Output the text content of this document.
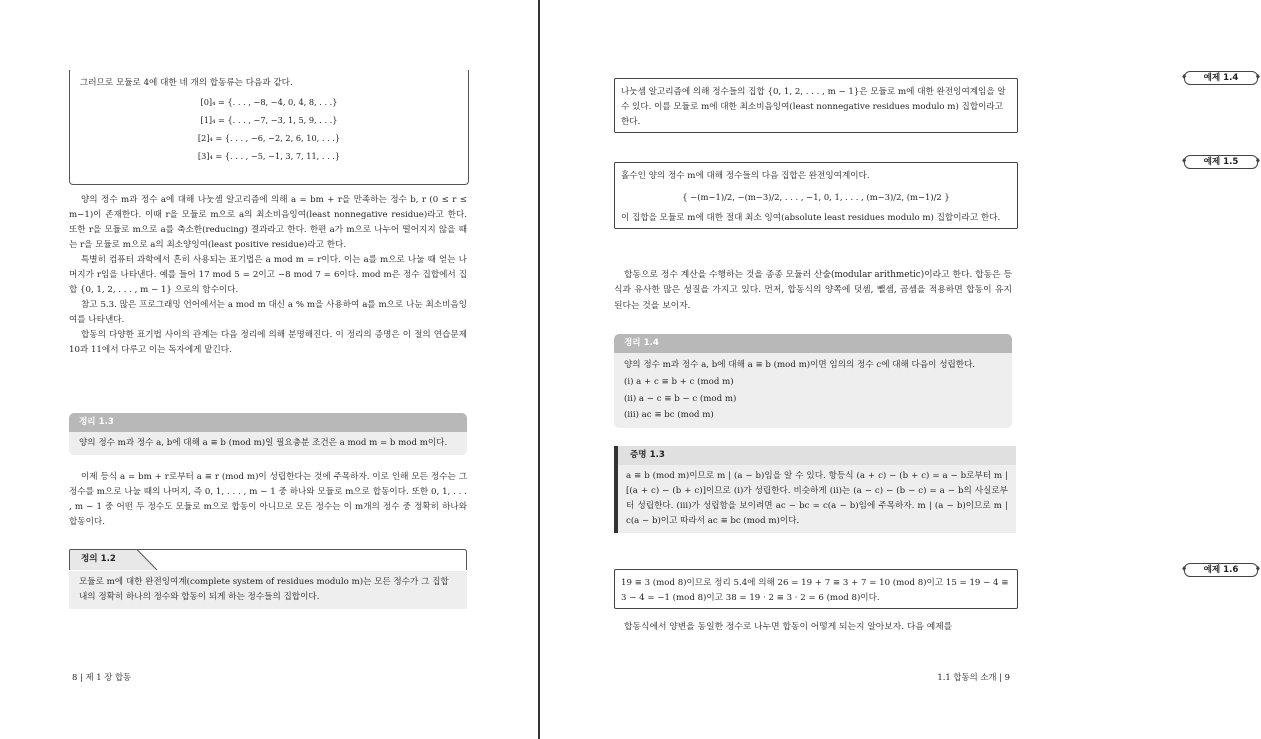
그러므로 모듈로 4에 대한 네 개의 합동류는 다음과 같다.

[0]₄ = {. . . , −8, −4, 0, 4, 8, . . .}
[1]₄ = {. . . , −7, −3, 1, 5, 9, . . .}
[2]₄ = {. . . , −6, −2, 2, 6, 10, . . .}
[3]₄ = {. . . , −5, −1, 3, 7, 11, . . .}

양의 정수 m과 정수 a에 대해 나눗셈 알고리즘에 의해 a = bm + r을 만족하는 정수 b, r (0 ≤ r ≤ m−1)이 존재한다. 이때 r을 모듈로 m으로 a의 최소비음잉여(least nonnegative residue)라고 한다. 또한 r을 모듈로 m으로 a를 축소한(reducing) 결과라고 한다. 한편 a가 m으로 나누어 떨어지지 않을 때는 r을 모듈로 m으로 a의 최소양잉여(least positive residue)라고 한다.

특별히 컴퓨터 과학에서 흔히 사용되는 표기법은 a mod m = r이다. 이는 a를 m으로 나눌 때 얻는 나머지가 r임을 나타낸다. 예를 들어 17 mod 5 = 2이고 −8 mod 7 = 6이다. mod m은 정수 집합에서 집합 {0, 1, 2, . . . , m − 1} 으로의 함수이다.

참고 5.3. 많은 프로그래밍 언어에서는 a mod m 대신 a % m을 사용하여 a를 m으로 나눈 최소비음잉여를 나타낸다.

합동의 다양한 표기법 사이의 관계는 다음 정리에 의해 분명해진다. 이 정리의 증명은 이 절의 연습문제 10과 11에서 다루고 이는 독자에게 맡긴다.

정리 1.3
양의 정수 m과 정수 a, b에 대해 a ≡ b (mod m)일 필요충분 조건은 a mod m = b mod m이다.

이제 등식 a = bm + r로부터 a ≡ r (mod m)이 성립한다는 것에 주목하자. 이로 인해 모든 정수는 그 정수를 m으로 나눌 때의 나머지, 즉 0, 1, . . . , m − 1 중 하나와 모듈로 m으로 합동이다. 또한 0, 1, . . . , m − 1 중 어떤 두 정수도 모듈로 m으로 합동이 아니므로 모든 정수는 이 m개의 정수 중 정확히 하나와 합동이다.

정의 1.2
모듈로 m에 대한 완전잉여계(complete system of residues modulo m)는 모든 정수가 그 집합 내의 정확히 하나의 정수와 합동이 되게 하는 정수들의 집합이다.
8 | 제 1 장 합동

나눗셈 알고리즘에 의해 정수들의 집합 {0, 1, 2, . . . , m − 1}은 모듈로 m에 대한 완전잉여계임을 알 수 있다. 이를 모듈로 m에 대한 최소비음잉여(least nonnegative residues modulo m) 집합이라고 한다.

♦ 예제 1.4 ♦

홀수인 양의 정수 m에 대해 정수들의 다음 집합은 완전잉여계이다.

{ −(m−1)/2, −(m−3)/2, . . . , −1, 0, 1, . . . , (m−3)/2, (m−1)/2 }

이 집합을 모듈로 m에 대한 절대 최소 잉여(absolute least residues modulo m) 집합이라고 한다.

♦ 예제 1.5 ♦

합동으로 정수 계산을 수행하는 것을 종종 모듈러 산술(modular arithmetic)이라고 한다. 합동은 등식과 유사한 많은 성질을 가지고 있다. 먼저, 합동식의 양쪽에 덧셈, 뺄셈, 곱셈을 적용하면 합동이 유지된다는 것을 보이자.

정리 1.4
양의 정수 m과 정수 a, b에 대해 a ≡ b (mod m)이면 임의의 정수 c에 대해 다음이 성립한다.
(i) a + c ≡ b + c (mod m)
(ii) a − c ≡ b − c (mod m)
(iii) ac ≡ bc (mod m)
증명 1.3
a ≡ b (mod m)이므로 m | (a − b)임을 알 수 있다. 항등식 (a + c) − (b + c) = a − b로부터 m | [(a + c) − (b + c)]이므로 (i)가 성립한다. 비슷하게 (ii)는 (a − c) − (b − c) = a − b의 사실로부터 성립한다. (iii)가 성립함을 보이려면 ac − bc = c(a − b)임에 주목하자. m | (a − b)이므로 m | c(a − b)이고 따라서 ac ≡ bc (mod m)이다.

19 ≡ 3 (mod 8)이므로 정리 5.4에 의해 26 = 19 + 7 ≡ 3 + 7 = 10 (mod 8)이고 15 = 19 − 4 ≡ 3 − 4 = −1 (mod 8)이고 38 = 19 · 2 ≡ 3 · 2 = 6 (mod 8)이다.

♦ 예제 1.6 ♦

합동식에서 양변을 동일한 정수로 나누면 합동이 어떻게 되는지 알아보자. 다음 예제를

1.1 합동의 소개 | 9
